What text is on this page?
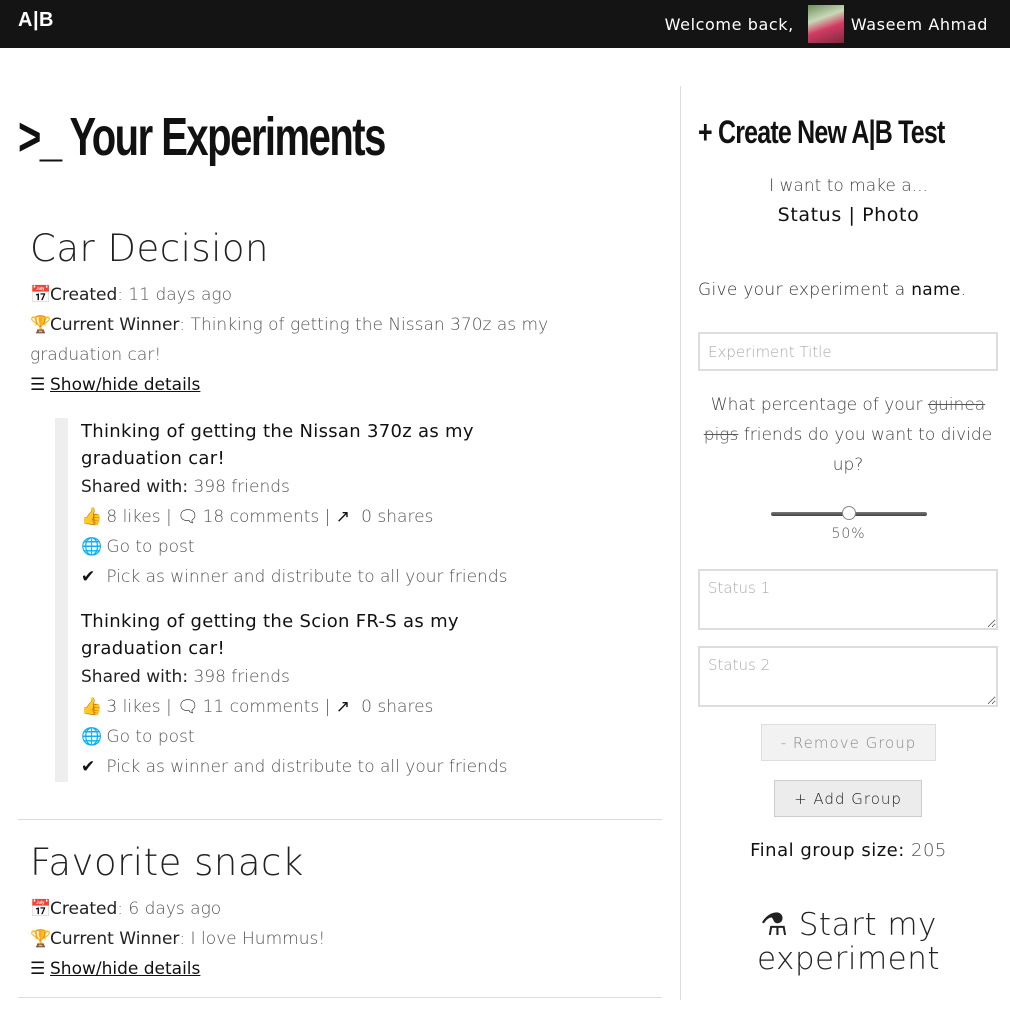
A|B	Welcome back,	Waseem Ahmad
>_ Your Experiments
Car Decision
📅Created: 11 days ago
🏆Current Winner: Thinking of getting the Nissan 370z as my graduation car!
☰ Show/hide details
Thinking of getting the Nissan 370z as my graduation car!
Shared with: 398 friends
👍 8 likes | 🗨 18 comments | ↗ 0 shares
🌐 Go to post
✔ Pick as winner and distribute to all your friends
Thinking of getting the Scion FR-S as my graduation car!
Shared with: 398 friends
👍 3 likes | 🗨 11 comments | ↗ 0 shares
🌐 Go to post
✔ Pick as winner and distribute to all your friends
Favorite snack
📅Created: 6 days ago
🏆Current Winner: I love Hummus!
☰ Show/hide details
+ Create New A|B Test
I want to make a...
Status | Photo
Give your experiment a name.
Experiment Title
What percentage of your guinea pigs friends do you want to divide up?
50%
Status 1
Status 2
- Remove Group
+ Add Group
Final group size: 205
⚗ Start my
experiment
